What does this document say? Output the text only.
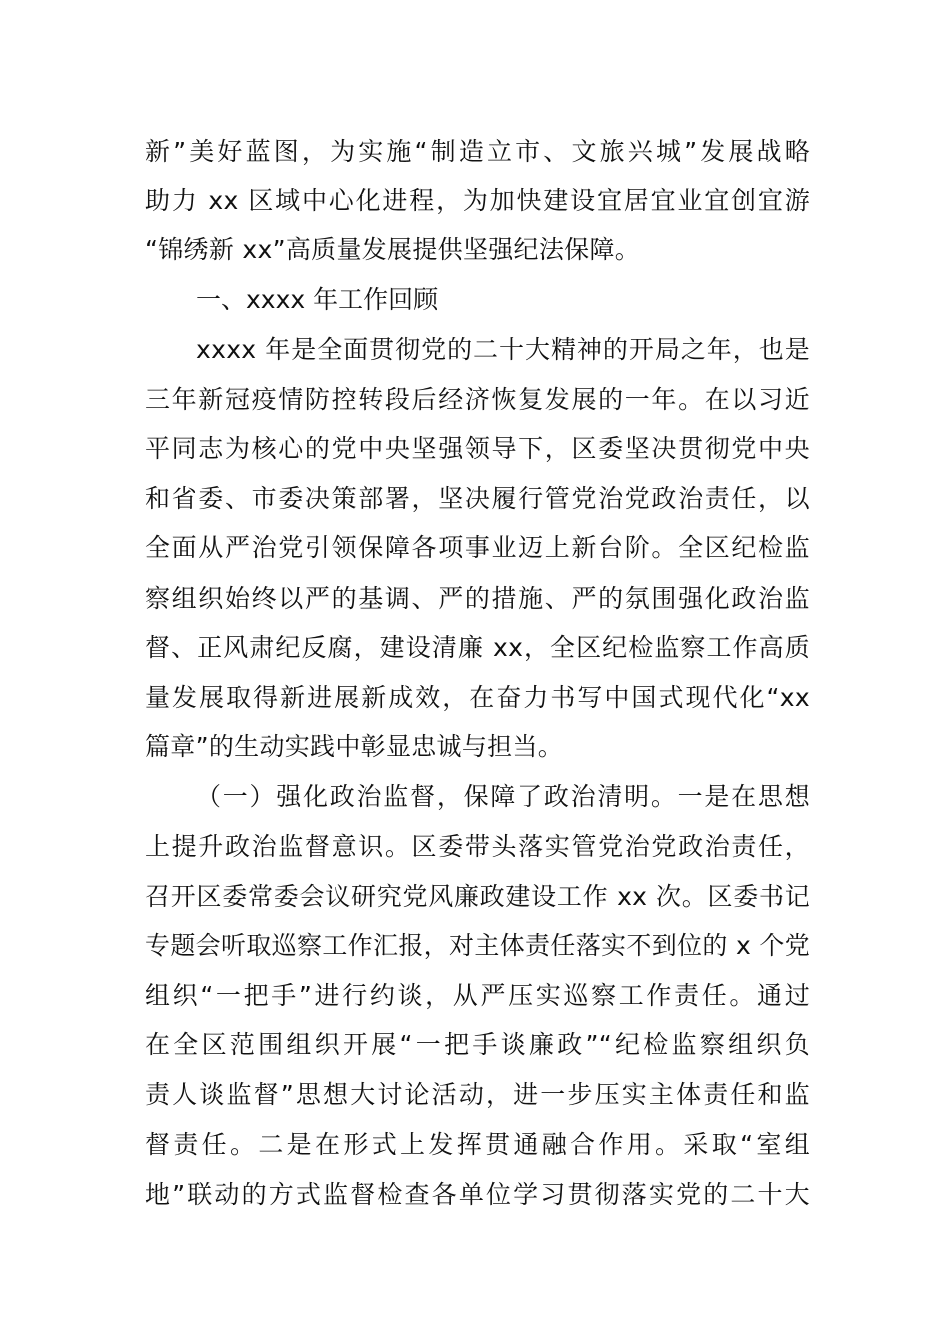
新”美好蓝图，为实施“制造立市、文旅兴城”发展战略
助力 xx 区域中心化进程，为加快建设宜居宜业宜创宜游
“锦绣新 xx”高质量发展提供坚强纪法保障。
一、xxxx 年工作回顾
xxxx 年是全面贯彻党的二十大精神的开局之年，也是
三年新冠疫情防控转段后经济恢复发展的一年。在以习近
平同志为核心的党中央坚强领导下，区委坚决贯彻党中央
和省委、市委决策部署，坚决履行管党治党政治责任，以
全面从严治党引领保障各项事业迈上新台阶。全区纪检监
察组织始终以严的基调、严的措施、严的氛围强化政治监
督、正风肃纪反腐，建设清廉 xx，全区纪检监察工作高质
量发展取得新进展新成效，在奋力书写中国式现代化“xx
篇章”的生动实践中彰显忠诚与担当。
（一）强化政治监督，保障了政治清明。一是在思想
上提升政治监督意识。区委带头落实管党治党政治责任，
召开区委常委会议研究党风廉政建设工作 xx 次。区委书记
专题会听取巡察工作汇报，对主体责任落实不到位的 x 个党
组织“一把手”进行约谈，从严压实巡察工作责任。通过
在全区范围组织开展“一把手谈廉政”“纪检监察组织负
责人谈监督”思想大讨论活动，进一步压实主体责任和监
督责任。二是在形式上发挥贯通融合作用。采取“室组
地”联动的方式监督检查各单位学习贯彻落实党的二十大
